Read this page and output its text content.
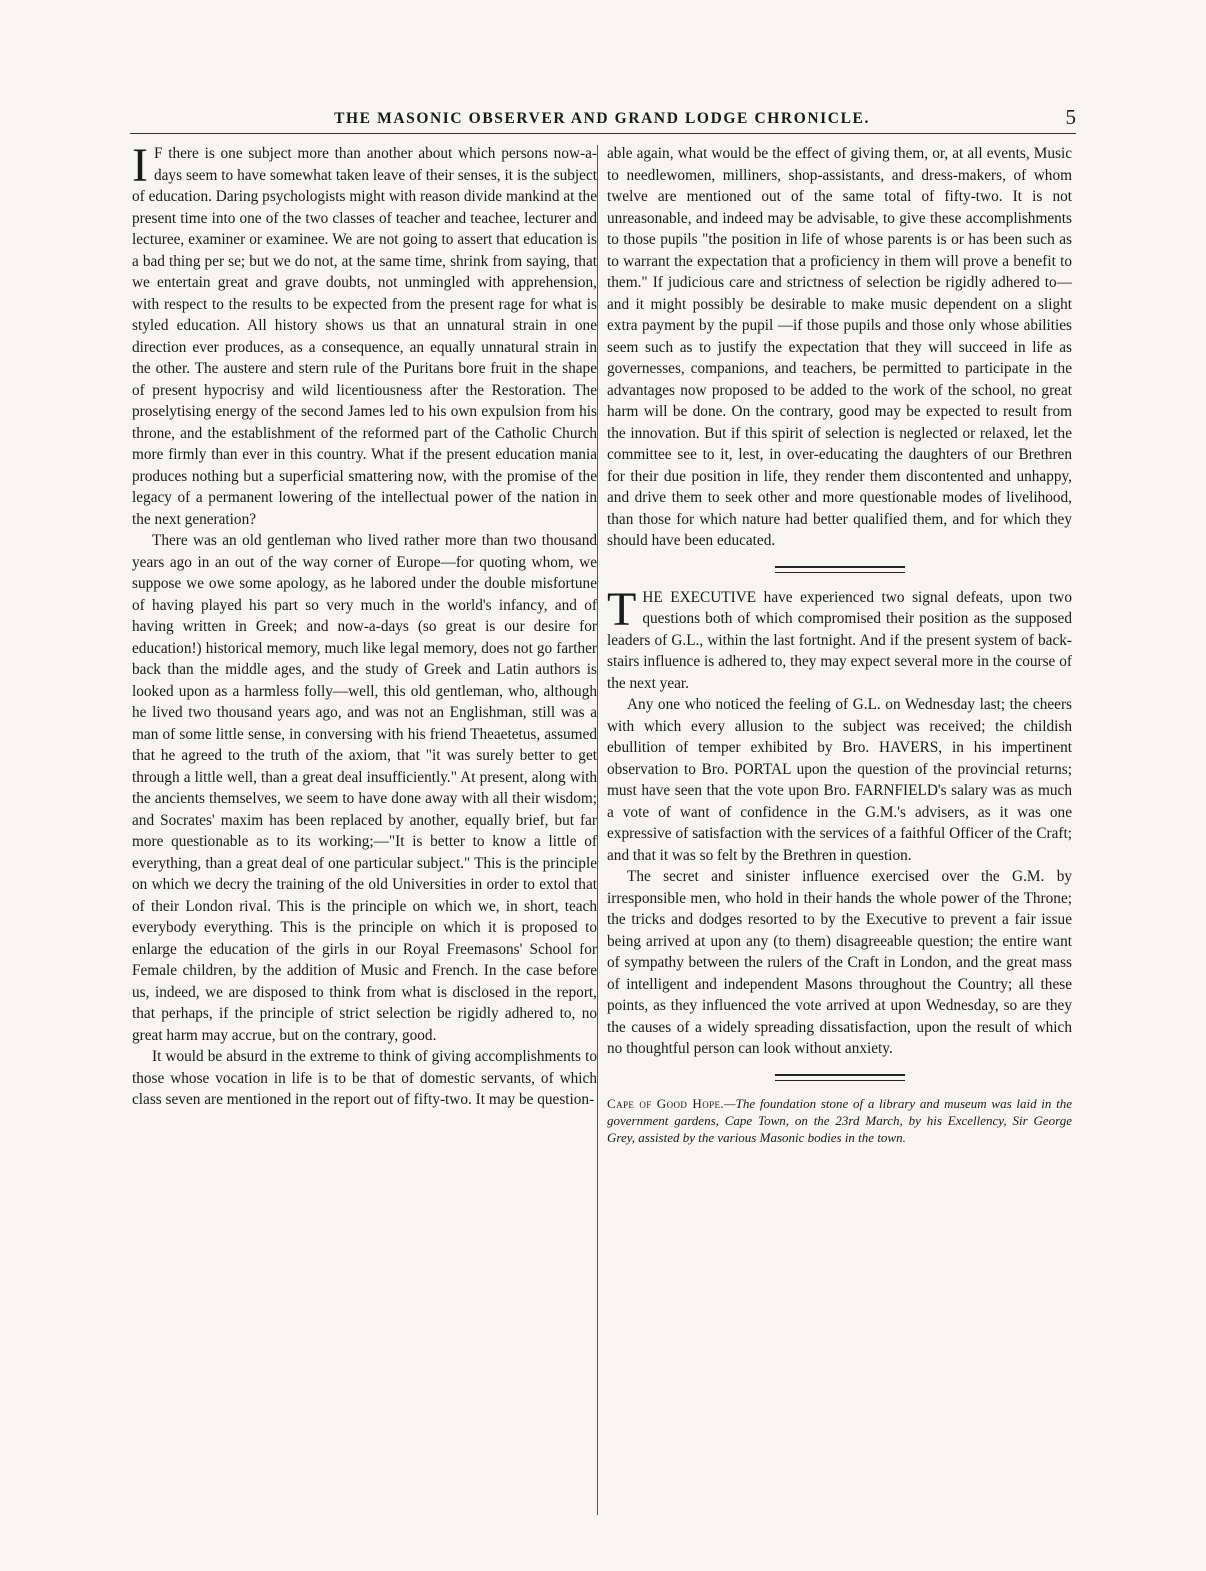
THE MASONIC OBSERVER AND GRAND LODGE CHRONICLE.	5

I F there is one subject more than another about which persons now-a-days seem to have somewhat taken leave of their senses, it is the subject of education. Daring psychologists might with reason divide mankind at the present time into one of the two classes of teacher and teachee, lecturer and lecturee, examiner or examinee. We are not going to assert that education is a bad thing per se; but we do not, at the same time, shrink from saying, that we entertain great and grave doubts, not unmingled with apprehension, with respect to the results to be expected from the present rage for what is styled education. All history shows us that an unnatural strain in one direction ever produces, as a consequence, an equally unnatural strain in the other. The austere and stern rule of the Puritans bore fruit in the shape of present hypocrisy and wild licentiousness after the Restoration. The proselytising energy of the second James led to his own expulsion from his throne, and the establishment of the reformed part of the Catholic Church more firmly than ever in this country. What if the present education mania produces nothing but a superficial smattering now, with the promise of the legacy of a permanent lowering of the intellectual power of the nation in the next generation?

There was an old gentleman who lived rather more than two thousand years ago in an out of the way corner of Europe—for quoting whom, we suppose we owe some apology, as he labored under the double misfortune of having played his part so very much in the world's infancy, and of having written in Greek; and now-a-days (so great is our desire for education!) historical memory, much like legal memory, does not go farther back than the middle ages, and the study of Greek and Latin authors is looked upon as a harmless folly—well, this old gentleman, who, although he lived two thousand years ago, and was not an Englishman, still was a man of some little sense, in conversing with his friend Theaetetus, assumed that he agreed to the truth of the axiom, that "it was surely better to get through a little well, than a great deal insufficiently." At present, along with the ancients themselves, we seem to have done away with all their wisdom; and Socrates' maxim has been replaced by another, equally brief, but far more questionable as to its working;—"It is better to know a little of everything, than a great deal of one particular subject." This is the principle on which we decry the training of the old Universities in order to extol that of their London rival. This is the principle on which we, in short, teach everybody everything. This is the principle on which it is proposed to enlarge the education of the girls in our Royal Freemasons' School for Female children, by the addition of Music and French. In the case before us, indeed, we are disposed to think from what is disclosed in the report, that perhaps, if the principle of strict selection be rigidly adhered to, no great harm may accrue, but on the contrary, good.

It would be absurd in the extreme to think of giving accomplishments to those whose vocation in life is to be that of domestic servants, of which class seven are mentioned in the report out of fifty-two. It may be question-

able again, what would be the effect of giving them, or, at all events, Music to needlewomen, milliners, shop-assistants, and dress-makers, of whom twelve are mentioned out of the same total of fifty-two. It is not unreasonable, and indeed may be advisable, to give these accomplishments to those pupils "the position in life of whose parents is or has been such as to warrant the expectation that a proficiency in them will prove a benefit to them." If judicious care and strictness of selection be rigidly adhered to—and it might possibly be desirable to make music dependent on a slight extra payment by the pupil —if those pupils and those only whose abilities seem such as to justify the expectation that they will succeed in life as governesses, companions, and teachers, be permitted to participate in the advantages now proposed to be added to the work of the school, no great harm will be done. On the contrary, good may be expected to result from the innovation. But if this spirit of selection is neglected or relaxed, let the committee see to it, lest, in over-educating the daughters of our Brethren for their due position in life, they render them discontented and unhappy, and drive them to seek other and more questionable modes of livelihood, than those for which nature had better qualified them, and for which they should have been educated.

THE EXECUTIVE have experienced two signal defeats, upon two questions both of which compromised their position as the supposed leaders of G.L., within the last fortnight. And if the present system of back-stairs influence is adhered to, they may expect several more in the course of the next year.

Any one who noticed the feeling of G.L. on Wednesday last; the cheers with which every allusion to the subject was received; the childish ebullition of temper exhibited by Bro. HAVERS, in his impertinent observation to Bro. PORTAL upon the question of the provincial returns; must have seen that the vote upon Bro. FARNFIELD's salary was as much a vote of want of confidence in the G.M.'s advisers, as it was one expressive of satisfaction with the services of a faithful Officer of the Craft; and that it was so felt by the Brethren in question.

The secret and sinister influence exercised over the G.M. by irresponsible men, who hold in their hands the whole power of the Throne; the tricks and dodges resorted to by the Executive to prevent a fair issue being arrived at upon any (to them) disagreeable question; the entire want of sympathy between the rulers of the Craft in London, and the great mass of intelligent and independent Masons throughout the Country; all these points, as they influenced the vote arrived at upon Wednesday, so are they the causes of a widely spreading dissatisfaction, upon the result of which no thoughtful person can look without anxiety.

Cape of Good Hope.—The foundation stone of a library and museum was laid in the government gardens, Cape Town, on the 23rd March, by his Excellency, Sir George Grey, assisted by the various Masonic bodies in the town.
